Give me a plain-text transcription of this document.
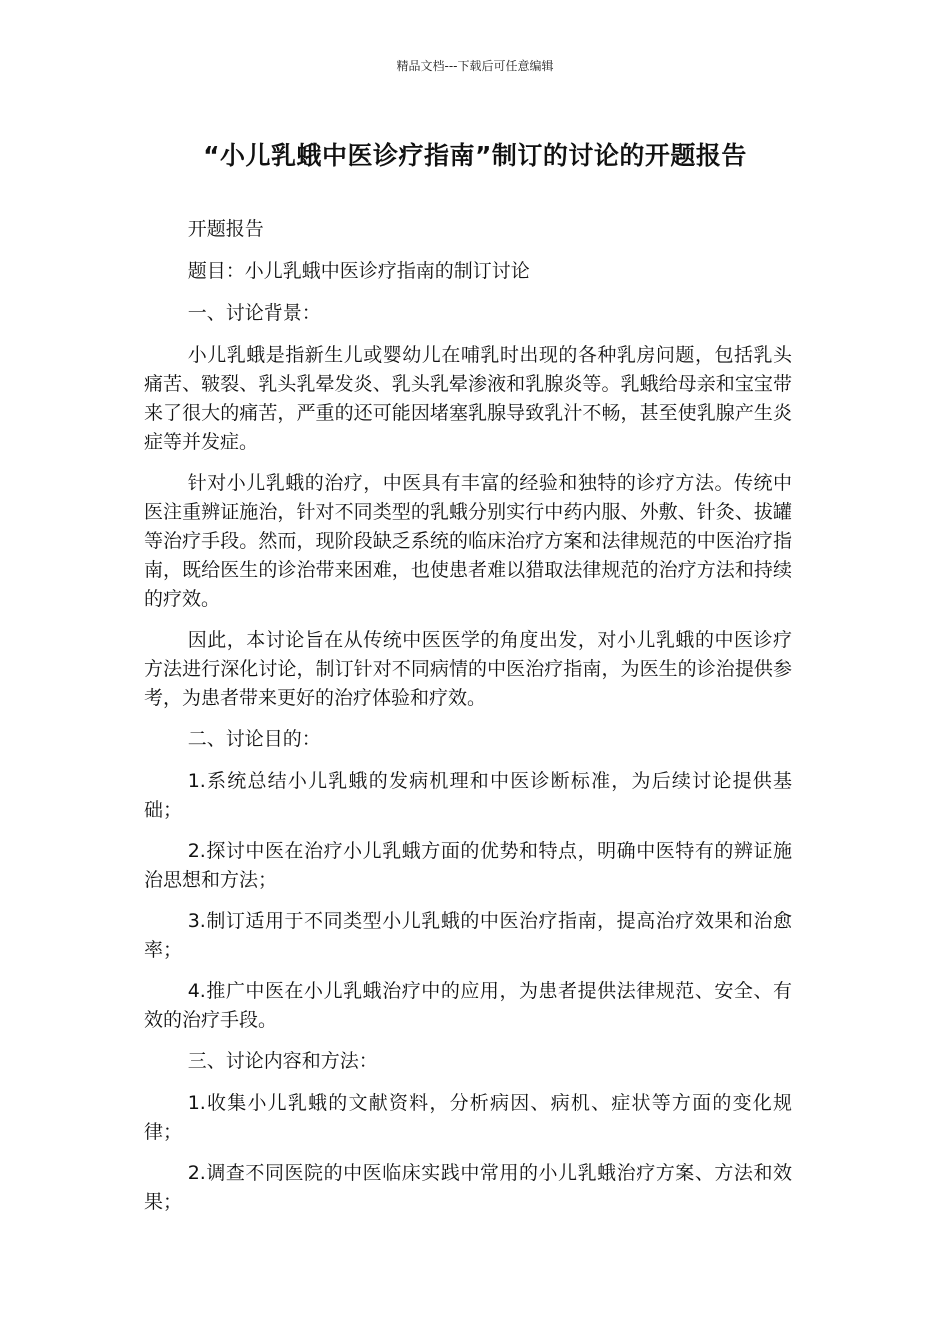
精品文档---下载后可任意编辑
“小儿乳蛾中医诊疗指南”制订的讨论的开题报告

开题报告

题目：小儿乳蛾中医诊疗指南的制订讨论

一、讨论背景：

小儿乳蛾是指新生儿或婴幼儿在哺乳时出现的各种乳房问题，包括乳头痛苦、皲裂、乳头乳晕发炎、乳头乳晕渗液和乳腺炎等。乳蛾给母亲和宝宝带来了很大的痛苦，严重的还可能因堵塞乳腺导致乳汁不畅，甚至使乳腺产生炎症等并发症。

针对小儿乳蛾的治疗，中医具有丰富的经验和独特的诊疗方法。传统中医注重辨证施治，针对不同类型的乳蛾分别实行中药内服、外敷、针灸、拔罐等治疗手段。然而，现阶段缺乏系统的临床治疗方案和法律规范的中医治疗指南，既给医生的诊治带来困难，也使患者难以猎取法律规范的治疗方法和持续的疗效。

因此，本讨论旨在从传统中医医学的角度出发，对小儿乳蛾的中医诊疗方法进行深化讨论，制订针对不同病情的中医治疗指南，为医生的诊治提供参考，为患者带来更好的治疗体验和疗效。

二、讨论目的：

1.系统总结小儿乳蛾的发病机理和中医诊断标准，为后续讨论提供基础；

2.探讨中医在治疗小儿乳蛾方面的优势和特点，明确中医特有的辨证施治思想和方法；

3.制订适用于不同类型小儿乳蛾的中医治疗指南，提高治疗效果和治愈率；

4.推广中医在小儿乳蛾治疗中的应用，为患者提供法律规范、安全、有效的治疗手段。

三、讨论内容和方法：

1.收集小儿乳蛾的文献资料，分析病因、病机、症状等方面的变化规律；

2.调查不同医院的中医临床实践中常用的小儿乳蛾治疗方案、方法和效果；
